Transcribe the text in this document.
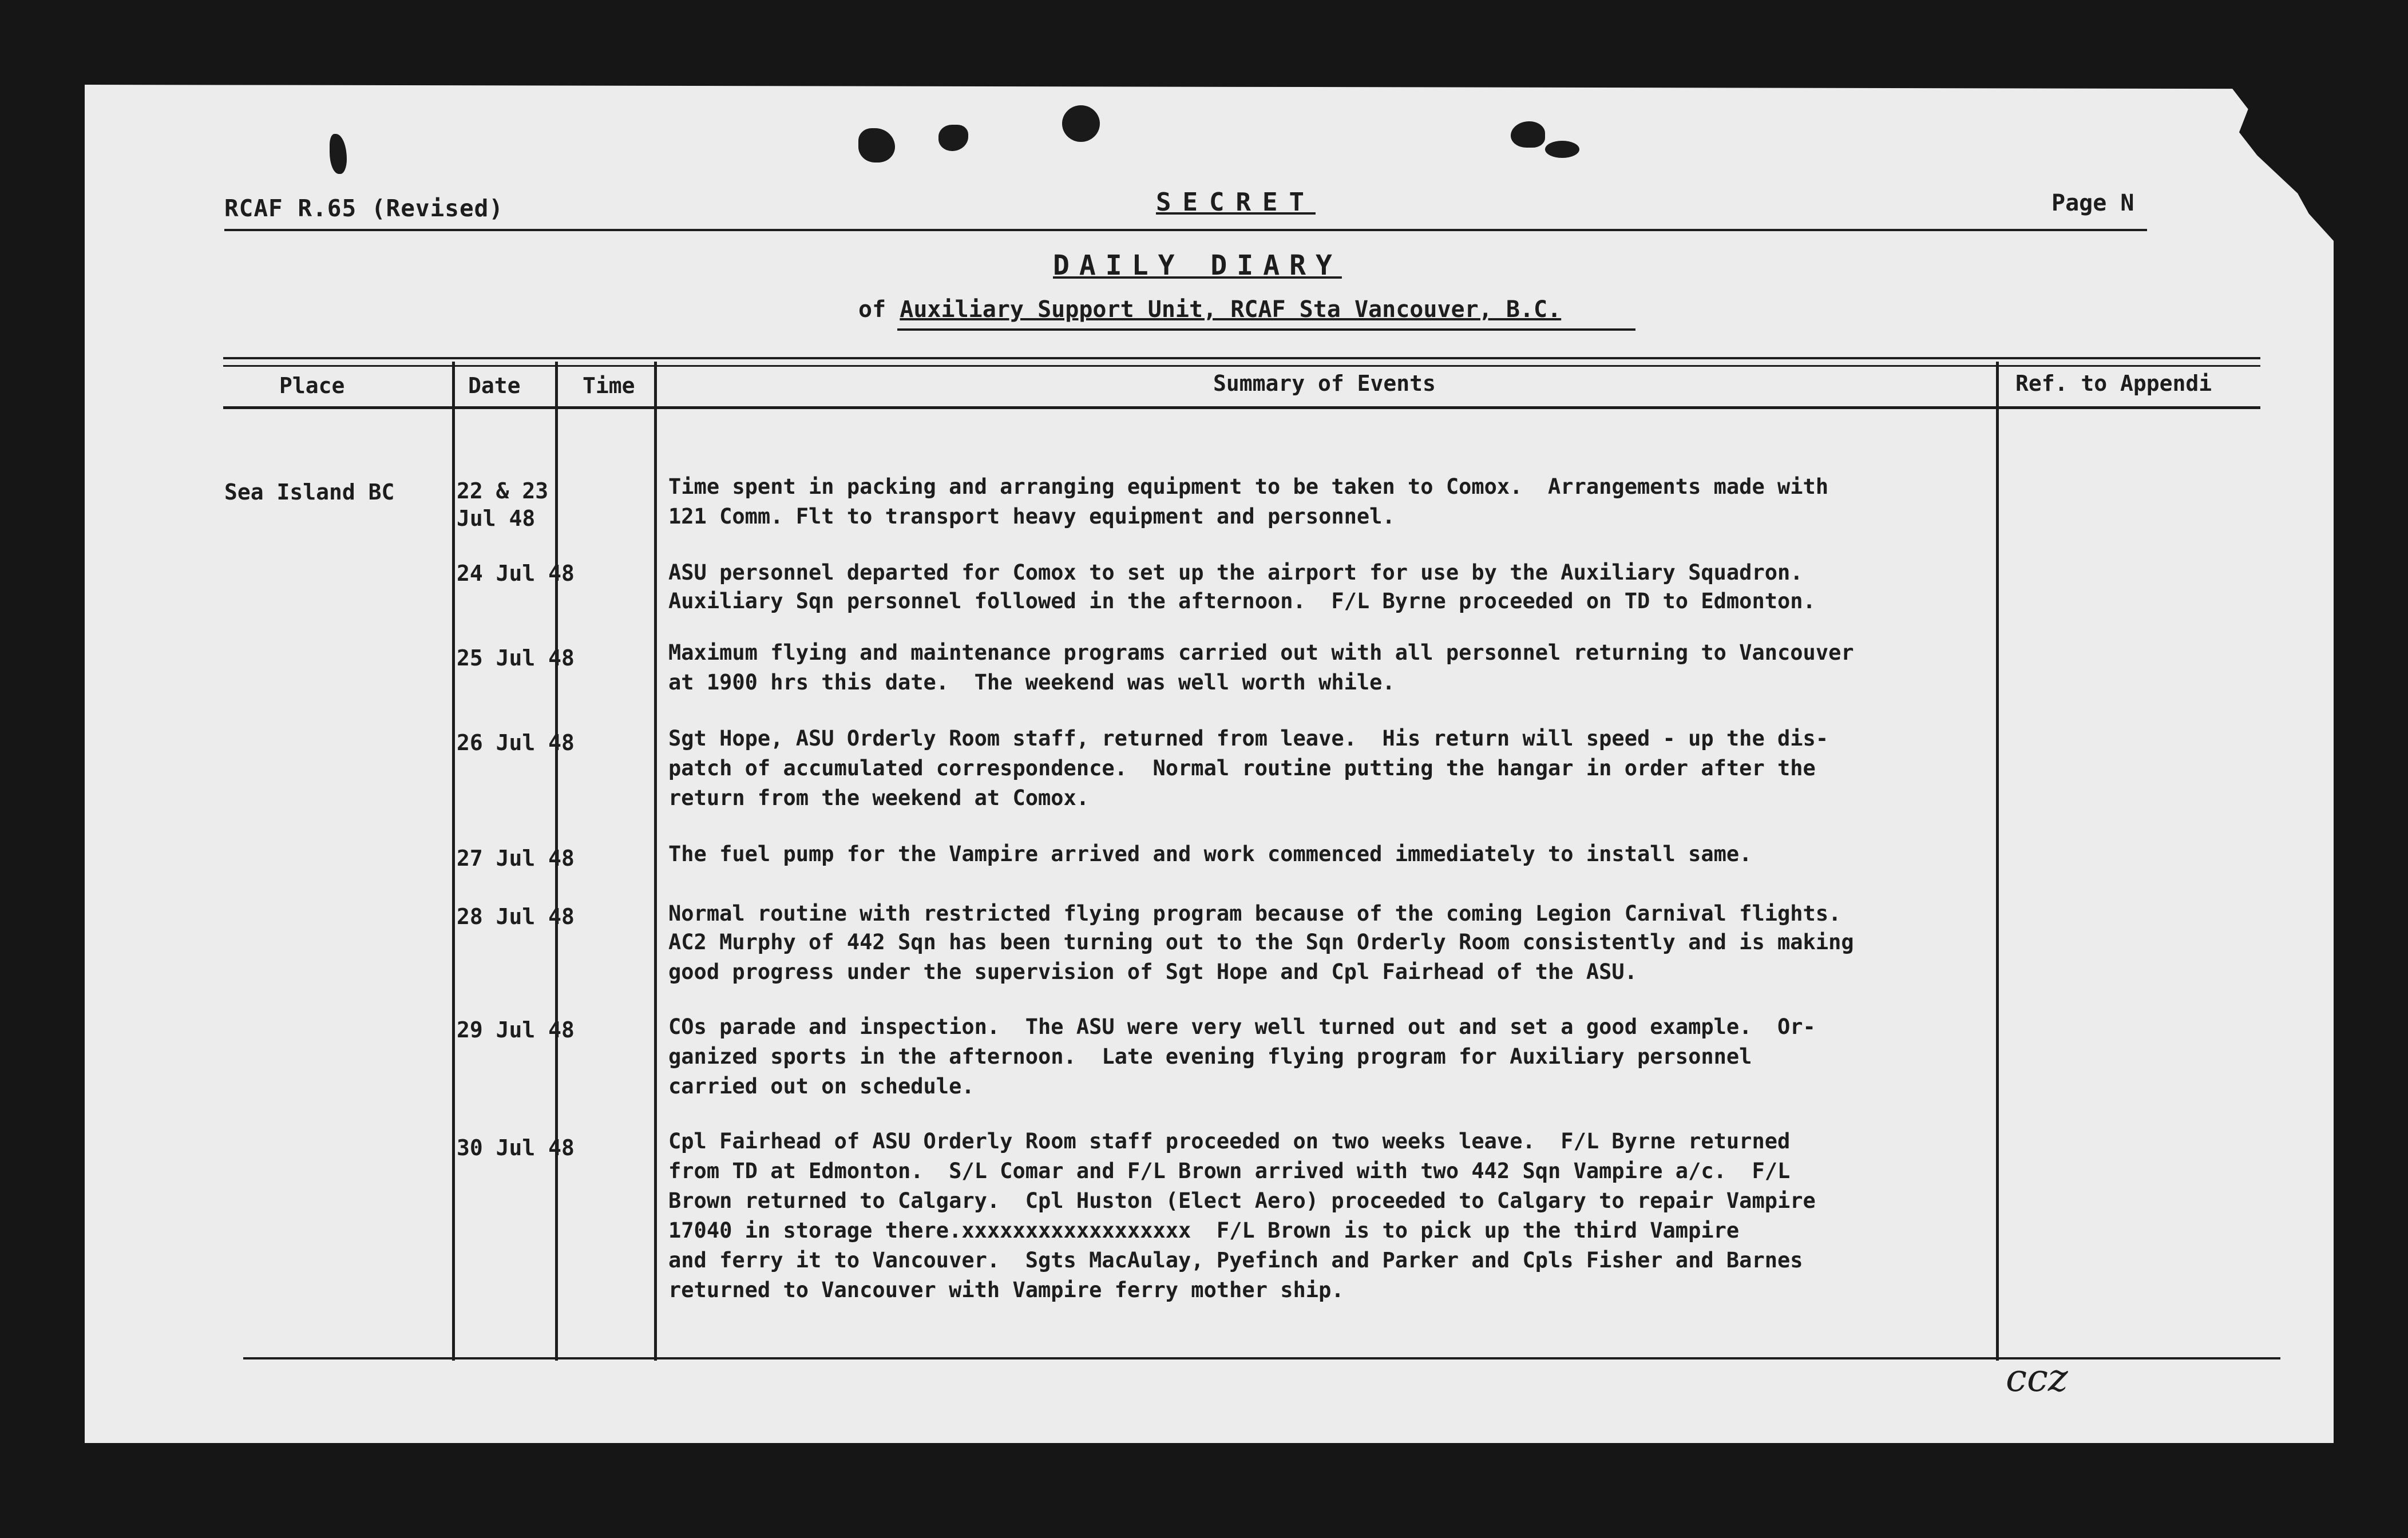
RCAF R.65 (Revised)	SECRET	Page N
DAILY DIARY
of Auxiliary Support Unit, RCAF Sta Vancouver, B.C.
Place	Date	Time	Summary of Events	Ref. to Appendi
Sea Island BC	22 & 23
Jul 48
Time spent in packing and arranging equipment to be taken to Comox.  Arrangements made with
121 Comm. Flt to transport heavy equipment and personnel.
24 Jul 48	ASU personnel departed for Comox to set up the airport for use by the Auxiliary Squadron.
Auxiliary Sqn personnel followed in the afternoon.  F/L Byrne proceeded on TD to Edmonton.
25 Jul 48	Maximum flying and maintenance programs carried out with all personnel returning to Vancouver
at 1900 hrs this date.  The weekend was well worth while.
26 Jul 48	Sgt Hope, ASU Orderly Room staff, returned from leave.  His return will speed - up the dis-
patch of accumulated correspondence.  Normal routine putting the hangar in order after the
return from the weekend at Comox.
27 Jul 48	The fuel pump for the Vampire arrived and work commenced immediately to install same.
28 Jul 48	Normal routine with restricted flying program because of the coming Legion Carnival flights.
AC2 Murphy of 442 Sqn has been turning out to the Sqn Orderly Room consistently and is making
good progress under the supervision of Sgt Hope and Cpl Fairhead of the ASU.
29 Jul 48	COs parade and inspection.  The ASU were very well turned out and set a good example.  Or-
ganized sports in the afternoon.  Late evening flying program for Auxiliary personnel
carried out on schedule.
30 Jul 48	Cpl Fairhead of ASU Orderly Room staff proceeded on two weeks leave.  F/L Byrne returned
from TD at Edmonton.  S/L Comar and F/L Brown arrived with two 442 Sqn Vampire a/c.  F/L
Brown returned to Calgary.  Cpl Huston (Elect Aero) proceeded to Calgary to repair Vampire
17040 in storage there.xxxxxxxxxxxxxxxxxx  F/L Brown is to pick up the third Vampire
and ferry it to Vancouver.  Sgts MacAulay, Pyefinch and Parker and Cpls Fisher and Barnes
returned to Vancouver with Vampire ferry mother ship.
ccz
